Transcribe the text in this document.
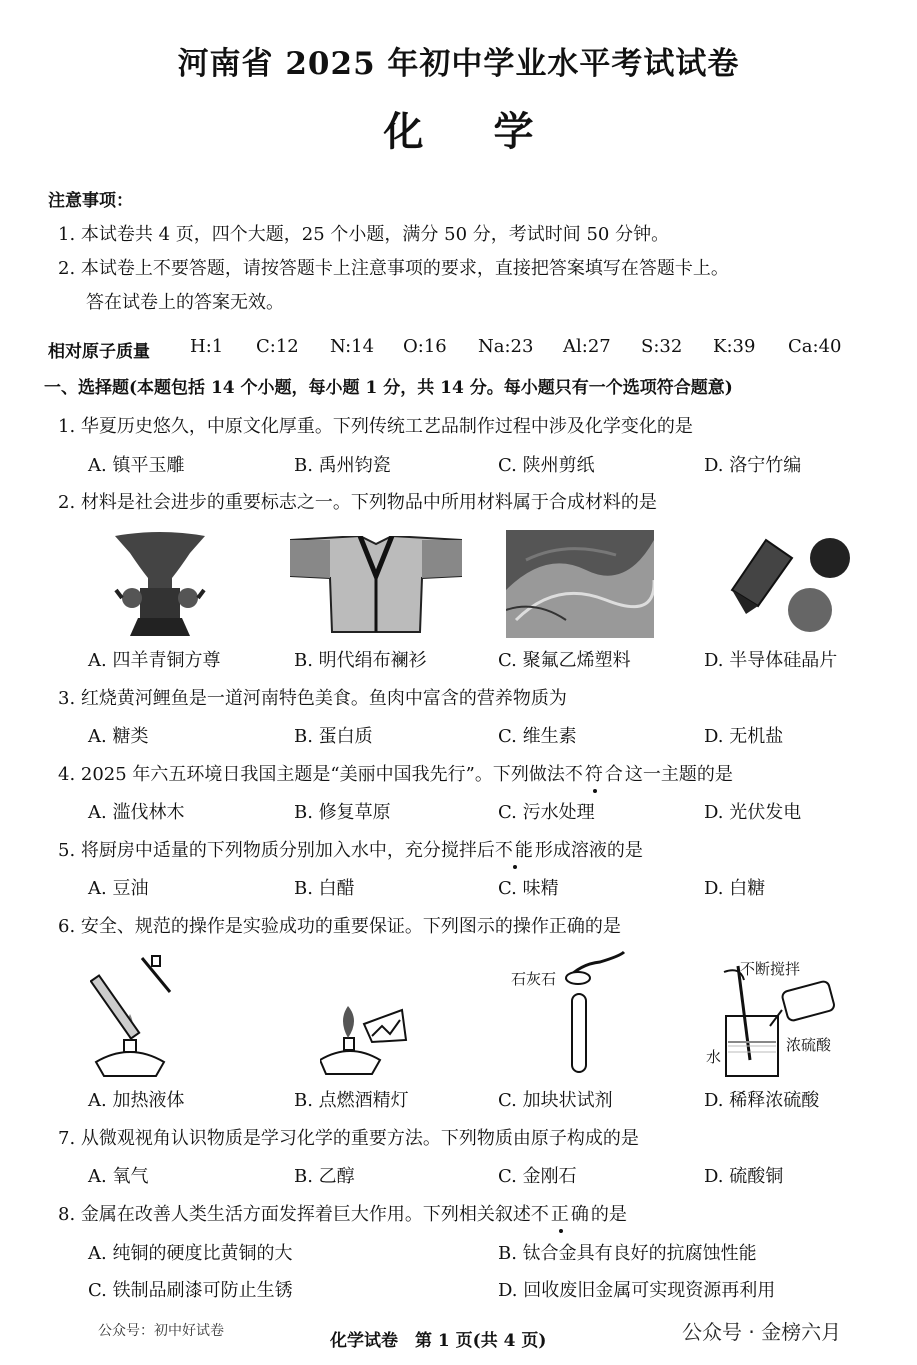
河南省 2025 年初中学业水平考试试卷
化学
注意事项：
1. 本试卷共 4 页，四个大题，25 个小题，满分 50 分，考试时间 50 分钟。
2. 本试卷上不要答题，请按答题卡上注意事项的要求，直接把答案填写在答题卡上。
答在试卷上的答案无效。
相对原子质量 H:1 C:12 N:14 O:16 Na:23 Al:27 S:32 K:39 Ca:40
一、选择题(本题包括 14 个小题，每小题 1 分，共 14 分。每小题只有一个选项符合题意)
1. 华夏历史悠久，中原文化厚重。下列传统工艺品制作过程中涉及化学变化的是
A. 镇平玉雕	B. 禹州钧瓷	C. 陕州剪纸	D. 洛宁竹编
2. 材料是社会进步的重要标志之一。下列物品中所用材料属于合成材料的是
A. 四羊青铜方尊	B. 明代绢布襕衫	C. 聚氟乙烯塑料	D. 半导体硅晶片
3. 红烧黄河鲤鱼是一道河南特色美食。鱼肉中富含的营养物质为
A. 糖类	B. 蛋白质	C. 维生素	D. 无机盐
4. 2025 年六五环境日我国主题是“美丽中国我先行”。下列做法不符合这一主题的是
A. 滥伐林木	B. 修复草原	C. 污水处理	D. 光伏发电
5. 将厨房中适量的下列物质分别加入水中，充分搅拌后不能形成溶液的是
A. 豆油	B. 白醋	C. 味精	D. 白糖
6. 安全、规范的操作是实验成功的重要保证。下列图示的操作正确的是
石灰石
不断搅拌
水
浓硫酸
A. 加热液体	B. 点燃酒精灯	C. 加块状试剂	D. 稀释浓硫酸
7. 从微观视角认识物质是学习化学的重要方法。下列物质由原子构成的是
A. 氧气	B. 乙醇	C. 金刚石	D. 硫酸铜
8. 金属在改善人类生活方面发挥着巨大作用。下列相关叙述不正确的是
A. 纯铜的硬度比黄铜的大	B. 钛合金具有良好的抗腐蚀性能
C. 铁制品刷漆可防止生锈	D. 回收废旧金属可实现资源再利用
公众号：初中好试卷	化学试卷　第 1 页(共 4 页)	公众号 · 金榜六月
